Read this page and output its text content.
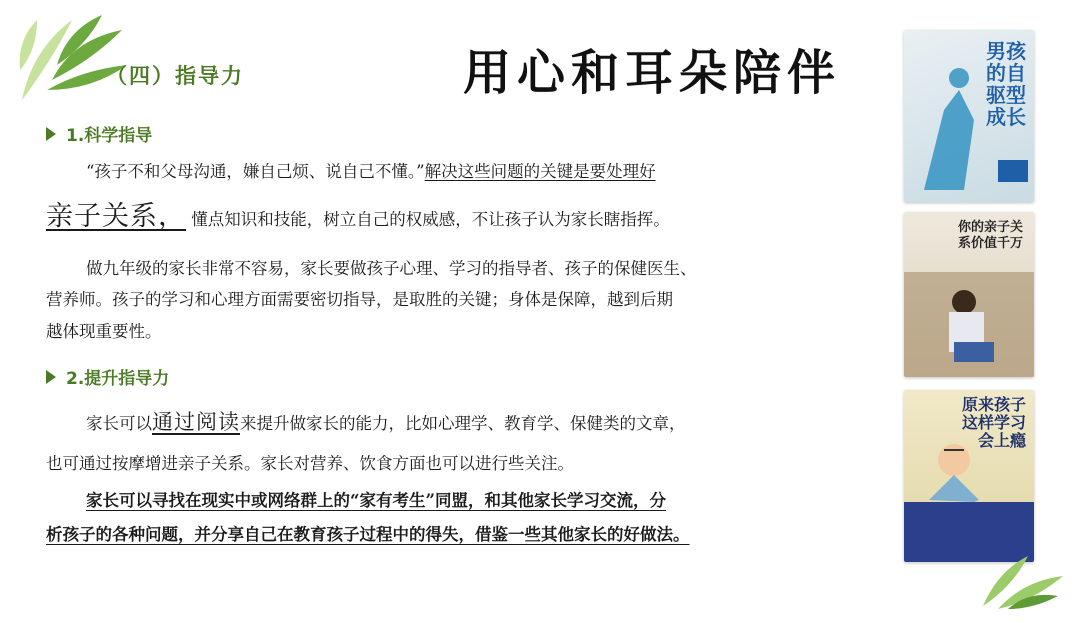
（四）指导力	用心和耳朵陪伴
1.科学指导
“孩子不和父母沟通，嫌自己烦、说自己不懂。”解决这些问题的关键是要处理好
亲子关系， 懂点知识和技能，树立自己的权威感，不让孩子认为家长瞎指挥。
做九年级的家长非常不容易，家长要做孩子心理、学习的指导者、孩子的保健医生、
营养师。孩子的学习和心理方面需要密切指导，是取胜的关键；身体是保障，越到后期
越体现重要性。
2.提升指导力
家长可以通过阅读来提升做家长的能力，比如心理学、教育学、保健类的文章，
也可通过按摩增进亲子关系。家长对营养、饮食方面也可以进行些关注。
家长可以寻找在现实中或网络群上的“家有考生”同盟，和其他家长学习交流，分
析孩子的各种问题，并分享自己在教育孩子过程中的得失，借鉴一些其他家长的好做法。
男孩的自驱型成长
你的亲子关系价值千万
原来孩子这样学习会上瘾
